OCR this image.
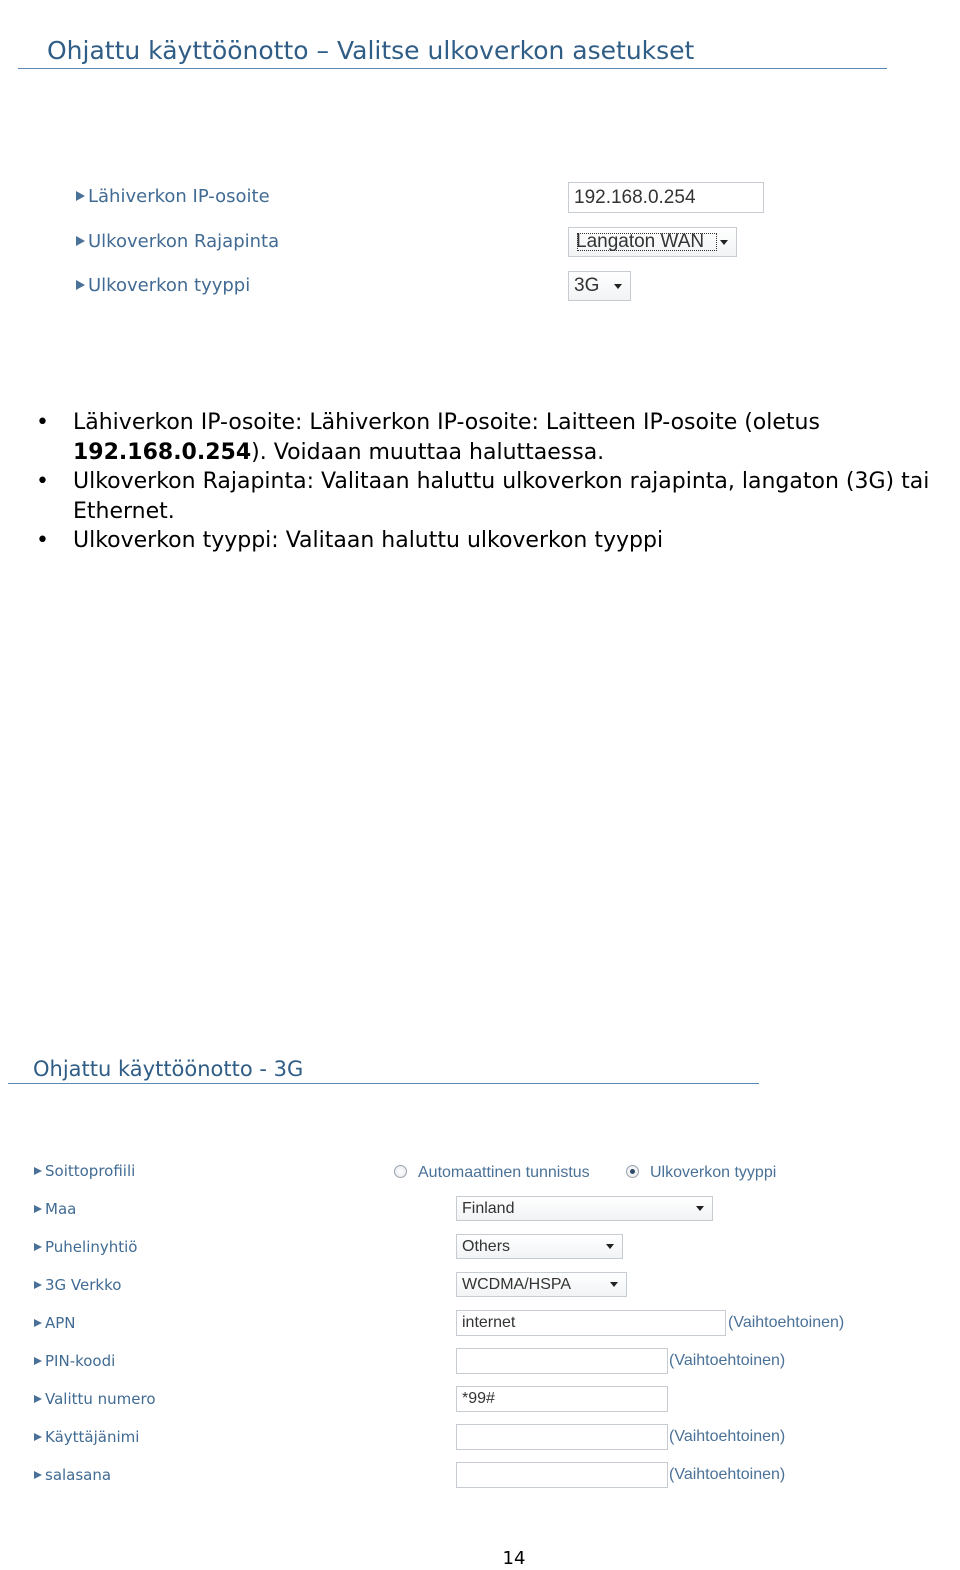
Ohjattu käyttöönotto – Valitse ulkoverkon asetukset
Lähiverkon IP-osoite	192.168.0.254
Ulkoverkon Rajapinta	Langaton WAN
Ulkoverkon tyyppi	3G
• Lähiverkon IP-osoite: Lähiverkon IP-osoite: Laitteen IP-osoite (oletus
192.168.0.254). Voidaan muuttaa haluttaessa.
• Ulkoverkon Rajapinta: Valitaan haluttu ulkoverkon rajapinta, langaton (3G) tai Ethernet.
• Ulkoverkon tyyppi: Valitaan haluttu ulkoverkon tyyppi
Ohjattu käyttöönotto - 3G
Soittoprofiili	Automaattinen tunnistus	Ulkoverkon tyyppi
Maa	Finland
Puhelinyhtiö	Others
3G Verkko	WCDMA/HSPA
APN	internet	(Vaihtoehtoinen)
PIN-koodi	(Vaihtoehtoinen)
Valittu numero	*99#
Käyttäjänimi	(Vaihtoehtoinen)
salasana	(Vaihtoehtoinen)
14
